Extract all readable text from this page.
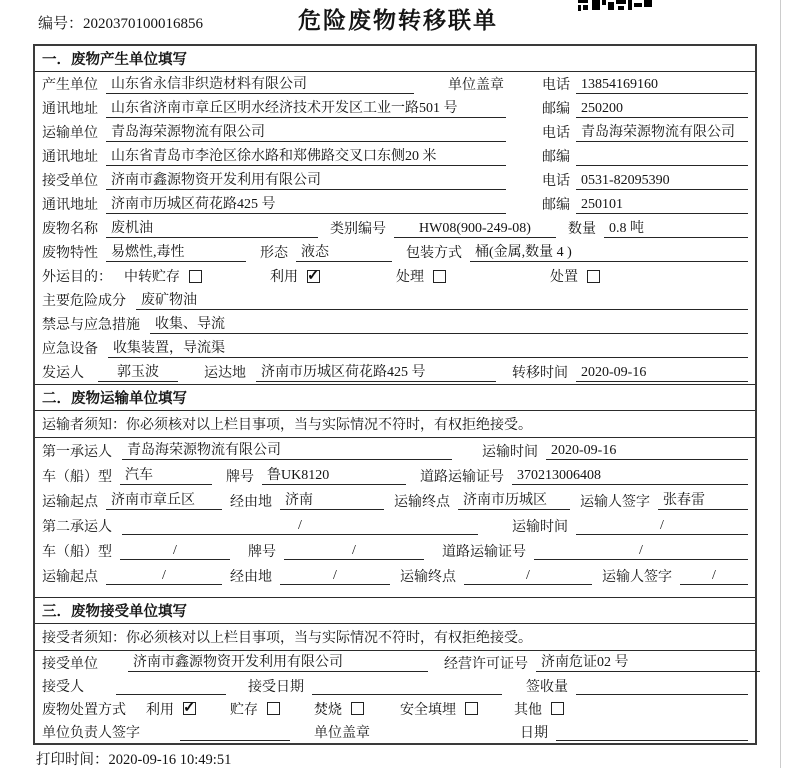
编号：2020370100016856	危险废物转移联单
一．废物产生单位填写
产生单位 山东省永信非织造材料有限公司	单位盖章	电话 13854169160
通讯地址 山东省济南市章丘区明水经济技术开发区工业一路501 号	邮编 250200
运输单位 青岛海荣源物流有限公司	电话 青岛海荣源物流有限公司
通讯地址 山东省青岛市李沧区徐水路和郑佛路交叉口东侧20 米	邮编
接受单位 济南市鑫源物资开发利用有限公司	电话 0531-82095390
通讯地址 济南市历城区荷花路425 号	邮编 250101
废物名称 废机油	类别编号	HW08(900-249-08)	数量 0.8 吨
废物特性 易燃性,毒性	形态 液态	包装方式 桶(金属,数量 4 )
外运目的： 中转贮存	利用 ✓	处理	处置
主要危险成分	废矿物油
禁忌与应急措施	收集、导流
应急设备	收集装置，导流渠
发运人	郭玉波	运达地	济南市历城区荷花路425 号	转移时间 2020-09-16
二．废物运输单位填写
运输者须知：你必须核对以上栏目事项，当与实际情况不符时，有权拒绝接受。
第一承运人	青岛海荣源物流有限公司	运输时间 2020-09-16
车（船）型 汽车	牌号 鲁UK8120	道路运输证号 370213006408
运输起点 济南市章丘区	经由地 济南	运输终点 济南市历城区	运输人签字 张春雷
第二承运人	/	运输时间	/
车（船）型	/	牌号	/	道路运输证号	/
运输起点	/	经由地	/	运输终点	/	运输人签字	/
三．废物接受单位填写
接受者须知：你必须核对以上栏目事项，当与实际情况不符时，有权拒绝接受。
接受单位	济南市鑫源物资开发利用有限公司	经营许可证号 济南危证02 号
接受人	接受日期	签收量
废物处置方式 利用 ✓	贮存	焚烧	安全填埋	其他
单位负责人签字	单位盖章	日期
打印时间：2020-09-16 10:49:51
